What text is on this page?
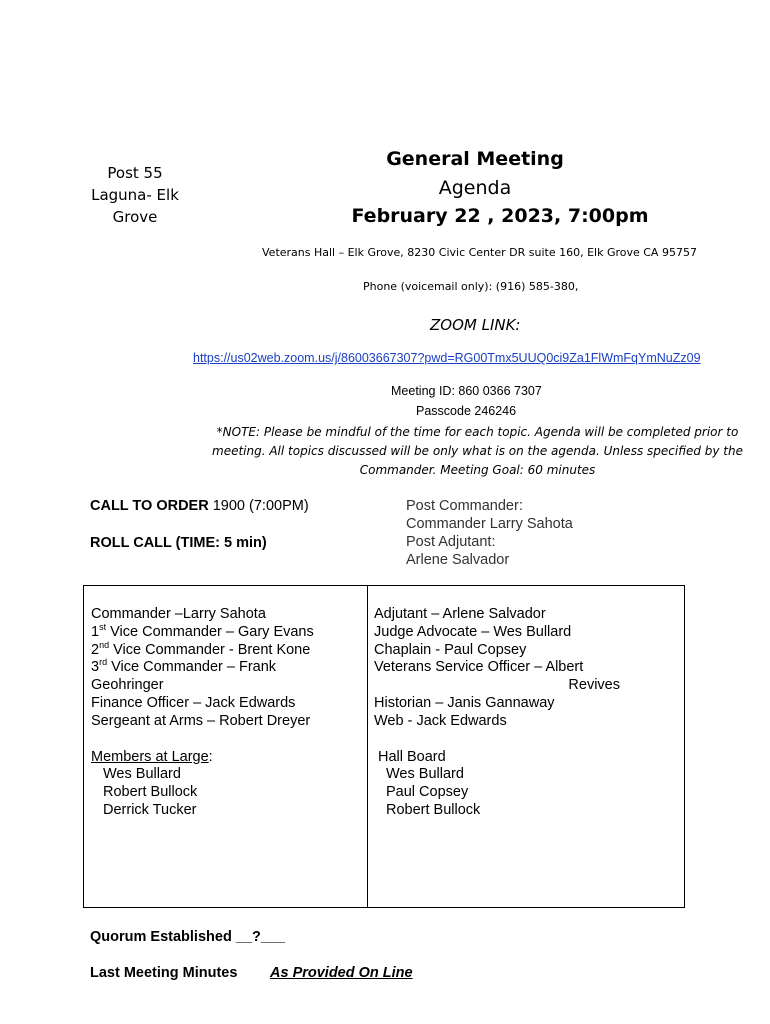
Post 55
Laguna- Elk
Grove
General Meeting
Agenda
February 22 , 2023, 7:00pm
Veterans Hall – Elk Grove, 8230 Civic Center DR suite 160, Elk Grove CA 95757
Phone (voicemail only): (916) 585-380,
ZOOM LINK:
https://us02web.zoom.us/j/86003667307?pwd=RG00Tmx5UUQ0ci9Za1FlWmFqYmNuZz09
Meeting ID: 860 0366 7307
Passcode 246246
*NOTE: Please be mindful of the time for each topic. Agenda will be completed prior to meeting. All topics discussed will be only what is on the agenda. Unless specified by the Commander. Meeting Goal: 60 minutes
CALL TO ORDER 1900 (7:00PM)
ROLL CALL (TIME: 5 min)
Post Commander:
Commander Larry Sahota
Post Adjutant:
Arlene Salvador
Commander –Larry Sahota
1st Vice Commander – Gary Evans
2nd Vice Commander - Brent Kone
3rd Vice Commander – Frank
Geohringer
Finance Officer – Jack Edwards
Sergeant at Arms – Robert Dreyer
Members at Large:
Wes Bullard
Robert Bullock
Derrick Tucker
Adjutant – Arlene Salvador
Judge Advocate – Wes Bullard
Chaplain - Paul Copsey
Veterans Service Officer – Albert
Revives
Historian – Janis Gannaway
Web - Jack Edwards
Hall Board
Wes Bullard
Paul Copsey
Robert Bullock
Quorum Established __?___
Last Meeting Minutes As Provided On Line
